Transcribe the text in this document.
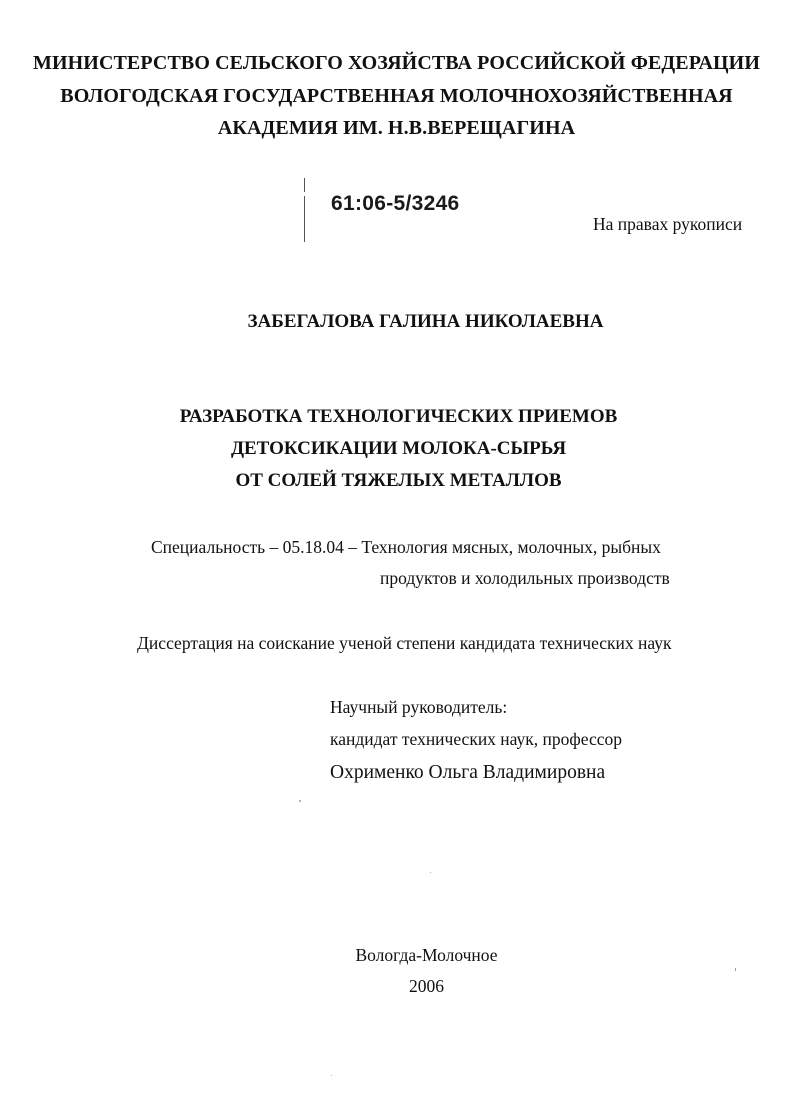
МИНИСТЕРСТВО СЕЛЬСКОГО ХОЗЯЙСТВА РОССИЙСКОЙ ФЕДЕРАЦИИ
ВОЛОГОДСКАЯ ГОСУДАРСТВЕННАЯ МОЛОЧНОХОЗЯЙСТВЕННАЯ
АКАДЕМИЯ ИМ. Н.В.ВЕРЕЩАГИНА
61:06-5/3246
На правах рукописи
ЗАБЕГАЛОВА ГАЛИНА НИКОЛАЕВНА
РАЗРАБОТКА ТЕХНОЛОГИЧЕСКИХ ПРИЕМОВ
ДЕТОКСИКАЦИИ МОЛОКА-СЫРЬЯ
ОТ СОЛЕЙ ТЯЖЕЛЫХ МЕТАЛЛОВ
Специальность – 05.18.04 – Технология мясных, молочных, рыбных
продуктов и холодильных производств
Диссертация на соискание ученой степени кандидата технических наук
Научный руководитель:
кандидат технических наук, профессор
Охрименко Ольга Владимировна
Вологда-Молочное
2006
